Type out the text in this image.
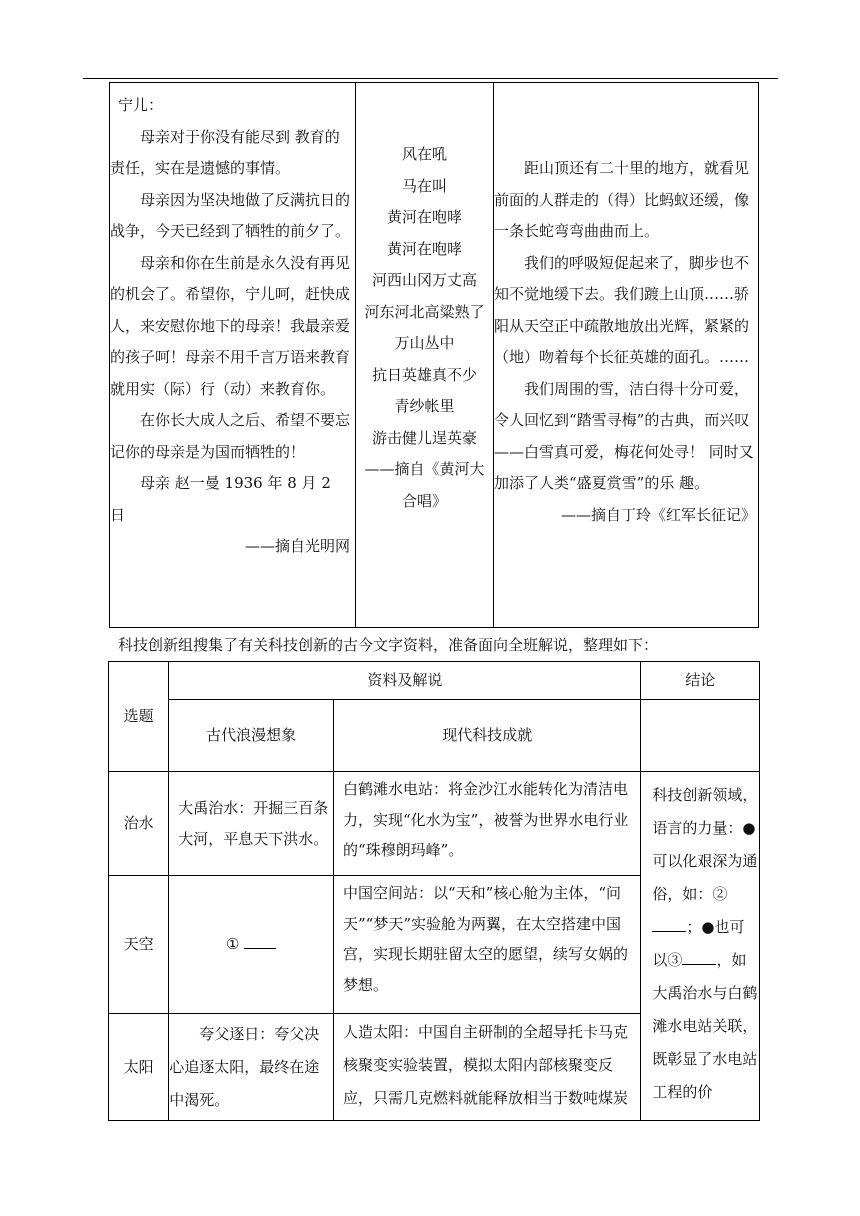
宁儿：

母亲对于你没有能尽到 教育的责任，实在是遗憾的事情。

母亲因为坚决地做了反满抗日的战争，今天已经到了牺牲的前夕了。

母亲和你在生前是永久没有再见的机会了。希望你，宁儿呵，赶快成人，来安慰你地下的母亲！我最亲爱的孩子呵！母亲不用千言万语来教育就用实（际）行（动）来教育你。

在你长大成人之后、希望不要忘记你的母亲是为国而牺牲的！

母亲 赵一曼 1936 年 8 月 2 日

——摘自光明网

风在吼

马在叫

黄河在咆哮

黄河在咆哮

河西山冈万丈高

河东河北高粱熟了

万山丛中

抗日英雄真不少

青纱帐里

游击健儿逞英豪

——摘自《黄河大合唱》

距山顶还有二十里的地方，就看见前面的人群走的（得）比蚂蚁还缓，像一条长蛇弯弯曲曲而上。

我们的呼吸短促起来了，脚步也不知不觉地缓下去。我们踱上山顶……骄阳从天空正中疏散地放出光辉，紧紧的（地）吻着每个长征英雄的面孔。……

我们周围的雪，洁白得十分可爱，令人回忆到“踏雪寻梅”的古典，而兴叹——白雪真可爱，梅花何处寻！ 同时又加添了人类“盛夏赏雪”的乐 趣。

——摘自丁玲《红军长征记》

科技创新组搜集了有关科技创新的古今文字资料，准备面向全班解说，整理如下：
选题	资料及解说		结论
	古代浪漫想象	现代科技成就	
治水	大禹治水：开掘三百条大河，平息天下洪水。	白鹤滩水电站：将金沙江水能转化为清洁电力，实现“化水为宝”，被誉为世界水电行业的“珠穆朗玛峰”。	科技创新领域，语言的力量：●可以化艰深为通俗，如：②；●也可以③ ，如大禹治水与白鹤滩水电站关联，既彰显了水电站工程的价

天空	①	中国空间站：以“天和”核心舱为主体，“问天”“梦天”实验舱为两翼，在太空搭建中国宫，实现长期驻留太空的愿望，续写女娲的梦想。	
太阳	夸父逐日：夸父决心追逐太阳，最终在途中渴死。	人造太阳：中国自主研制的全超导托卡马克核聚变实验装置，模拟太阳内部核聚变反应，只需几克燃料就能释放相当于数吨煤炭	
